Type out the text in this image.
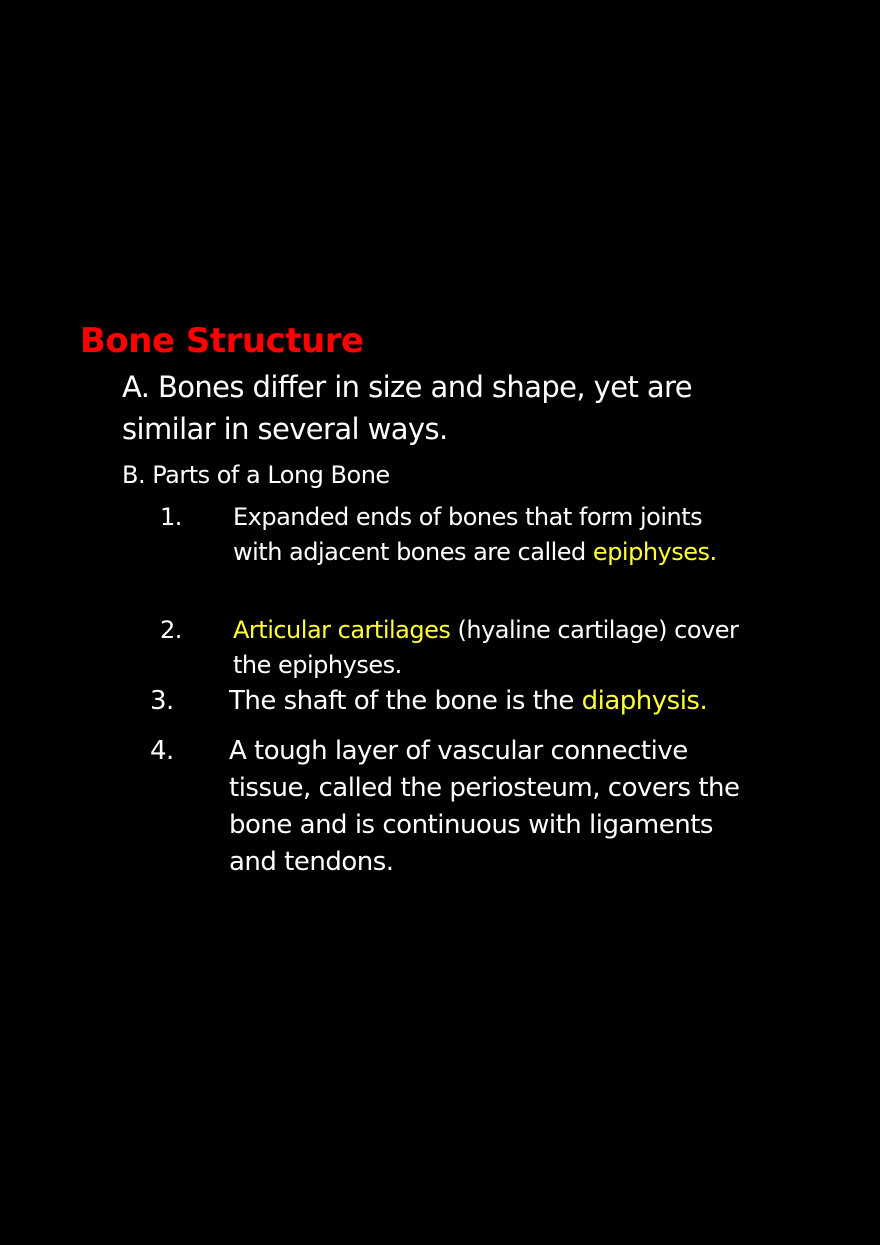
Bone Structure
A. Bones differ in size and shape, yet are similar in several ways.
B. Parts of a Long Bone
1.	Expanded ends of bones that form joints with adjacent bones are called epiphyses.
2.	Articular cartilages (hyaline cartilage) cover the epiphyses.
3.	The shaft of the bone is the diaphysis.
4.	A tough layer of vascular connective tissue, called the periosteum, covers the bone and is continuous with ligaments and tendons.
